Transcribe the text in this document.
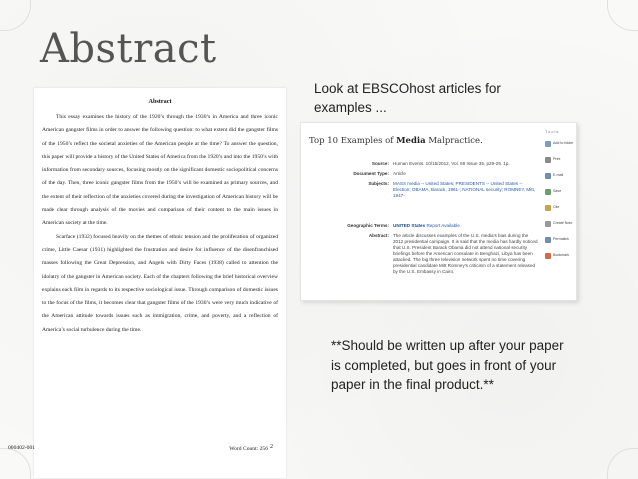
Abstract
Abstract

This essay examines the history of the 1920’s through the 1930’s in America and three iconic American gangster films in order to answer the following question: to what extent did the gangster films of the 1950’s reflect the societal anxieties of the American people at the time? To answer the question, this paper will provide a history of the United States of America from the 1920’s and into the 1950’s with information from secondary sources, focusing mostly on the significant domestic sociopolitical concerns of the day. Then, three iconic gangster films from the 1950’s will be examined as primary sources, and the extent of their reflection of the anxieties covered during the investigation of American history will be made clear through analysis of the movies and comparison of their content to the main issues in American society at the time.

Scarface (1932) focused heavily on the themes of ethnic tension and the proliferation of organized crime, Little Caesar (1931) highlighted the frustration and desire for influence of the disenfranchised masses following the Great Depression, and Angels with Dirty Faces (1938) called to attention the idolatry of the gangster in American society. Each of the chapters following the brief historical overview explains each film in regards to its respective sociological issue. Through comparison of domestic issues to the focus of the films, it becomes clear that gangster films of the 1930’s were very much indicative of the American attitude towards issues such as immigration, crime, and poverty, and a reflection of America’s social turbulence during the time.

Word Count: 256
000402-001	2
Look at EBSCOhost articles for examples ...
Top 10 Examples of Media Malpractice.
Source: Human Events. 10/15/2012, Vol. 68 Issue 35, p29-29. 1p.
Document Type: Article
Subjects: MASS media -- United States; PRESIDENTS -- United States -- Election; OBAMA, Barack, 1961-; NATIONAL security; ROMNEY, Mitt, 1947-
Geographic Terms: UNITED States Report Available
Abstract: The article discusses examples of the U.S. media's bias during the 2012 presidential campaign. It is said that the media has hardly noticed that U.S. President Barack Obama did not attend national security briefings before the American consulate in Benghazi, Libya has been attacked. The big three television network spent no time covering presidential candidate Mitt Romney's criticism of a statement released by the U.S. Embassy in Cairo.
Tools
Add to folder
Print
E-mail
Save
Cite
Create Note
Permalink
Bookmark
**Should be written up after your paper is completed, but goes in front of your paper in the final product.**
